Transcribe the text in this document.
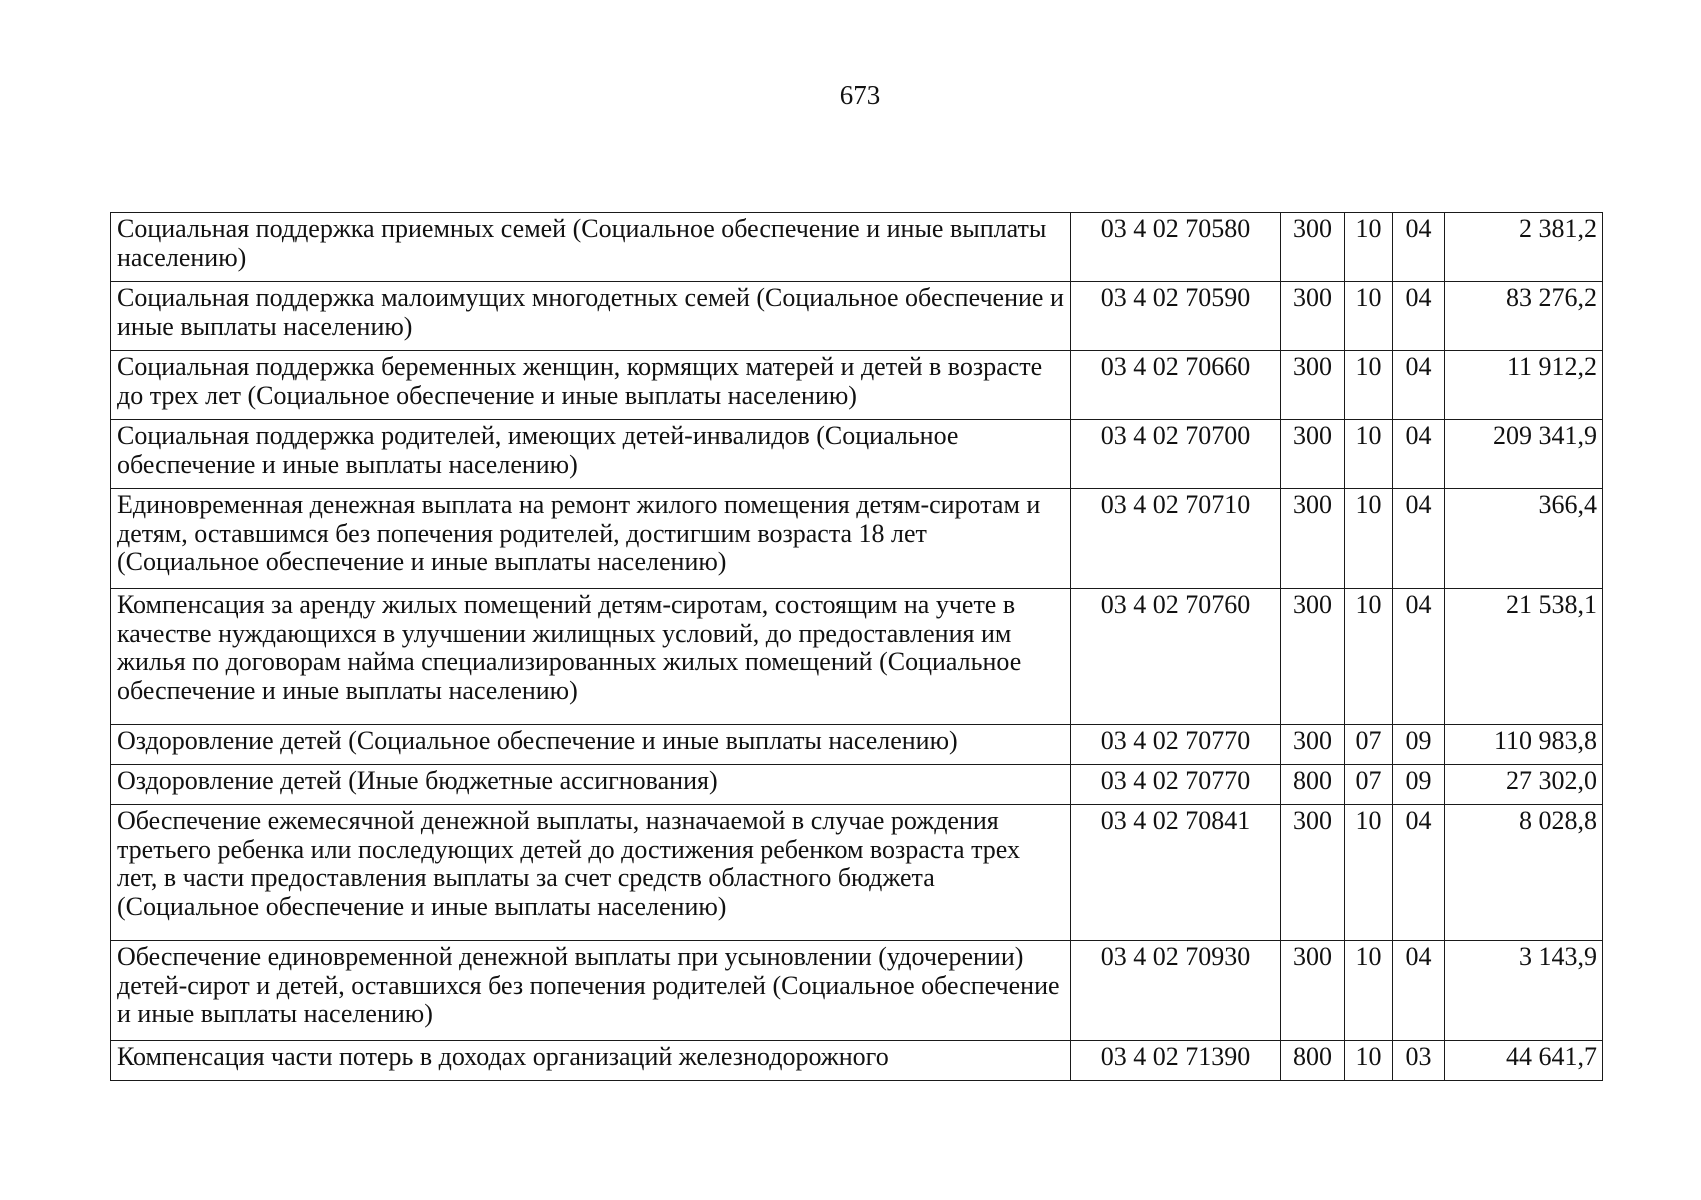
673
Социальная поддержка приемных семей (Социальное обеспечение и иные выплаты населению)	03 4 02 70580	300	10	04	2 381,2
Социальная поддержка малоимущих многодетных семей (Социальное обеспечение и иные выплаты населению)	03 4 02 70590	300	10	04	83 276,2
Социальная поддержка беременных женщин, кормящих матерей и детей в возрасте до трех лет (Социальное обеспечение и иные выплаты населению)	03 4 02 70660	300	10	04	11 912,2
Социальная поддержка родителей, имеющих детей-инвалидов (Социальное обеспечение и иные выплаты населению)	03 4 02 70700	300	10	04	209 341,9
Единовременная денежная выплата на ремонт жилого помещения детям-сиротам и детям, оставшимся без попечения родителей, достигшим возраста 18 лет (Социальное обеспечение и иные выплаты населению)	03 4 02 70710	300	10	04	366,4
Компенсация за аренду жилых помещений детям-сиротам, состоящим на учете в качестве нуждающихся в улучшении жилищных условий, до предоставления им жилья по договорам найма специализированных жилых помещений (Социальное обеспечение и иные выплаты населению)	03 4 02 70760	300	10	04	21 538,1
Оздоровление детей (Социальное обеспечение и иные выплаты населению)	03 4 02 70770	300	07	09	110 983,8
Оздоровление детей (Иные бюджетные ассигнования)	03 4 02 70770	800	07	09	27 302,0
Обеспечение ежемесячной денежной выплаты, назначаемой в случае рождения третьего ребенка или последующих детей до достижения ребенком возраста трех лет, в части предоставления выплаты за счет средств областного бюджета (Социальное обеспечение и иные выплаты населению)	03 4 02 70841	300	10	04	8 028,8
Обеспечение единовременной денежной выплаты при усыновлении (удочерении) детей-сирот и детей, оставшихся без попечения родителей (Социальное обеспечение и иные выплаты населению)	03 4 02 70930	300	10	04	3 143,9
Компенсация части потерь в доходах организаций железнодорожного	03 4 02 71390	800	10	03	44 641,7
